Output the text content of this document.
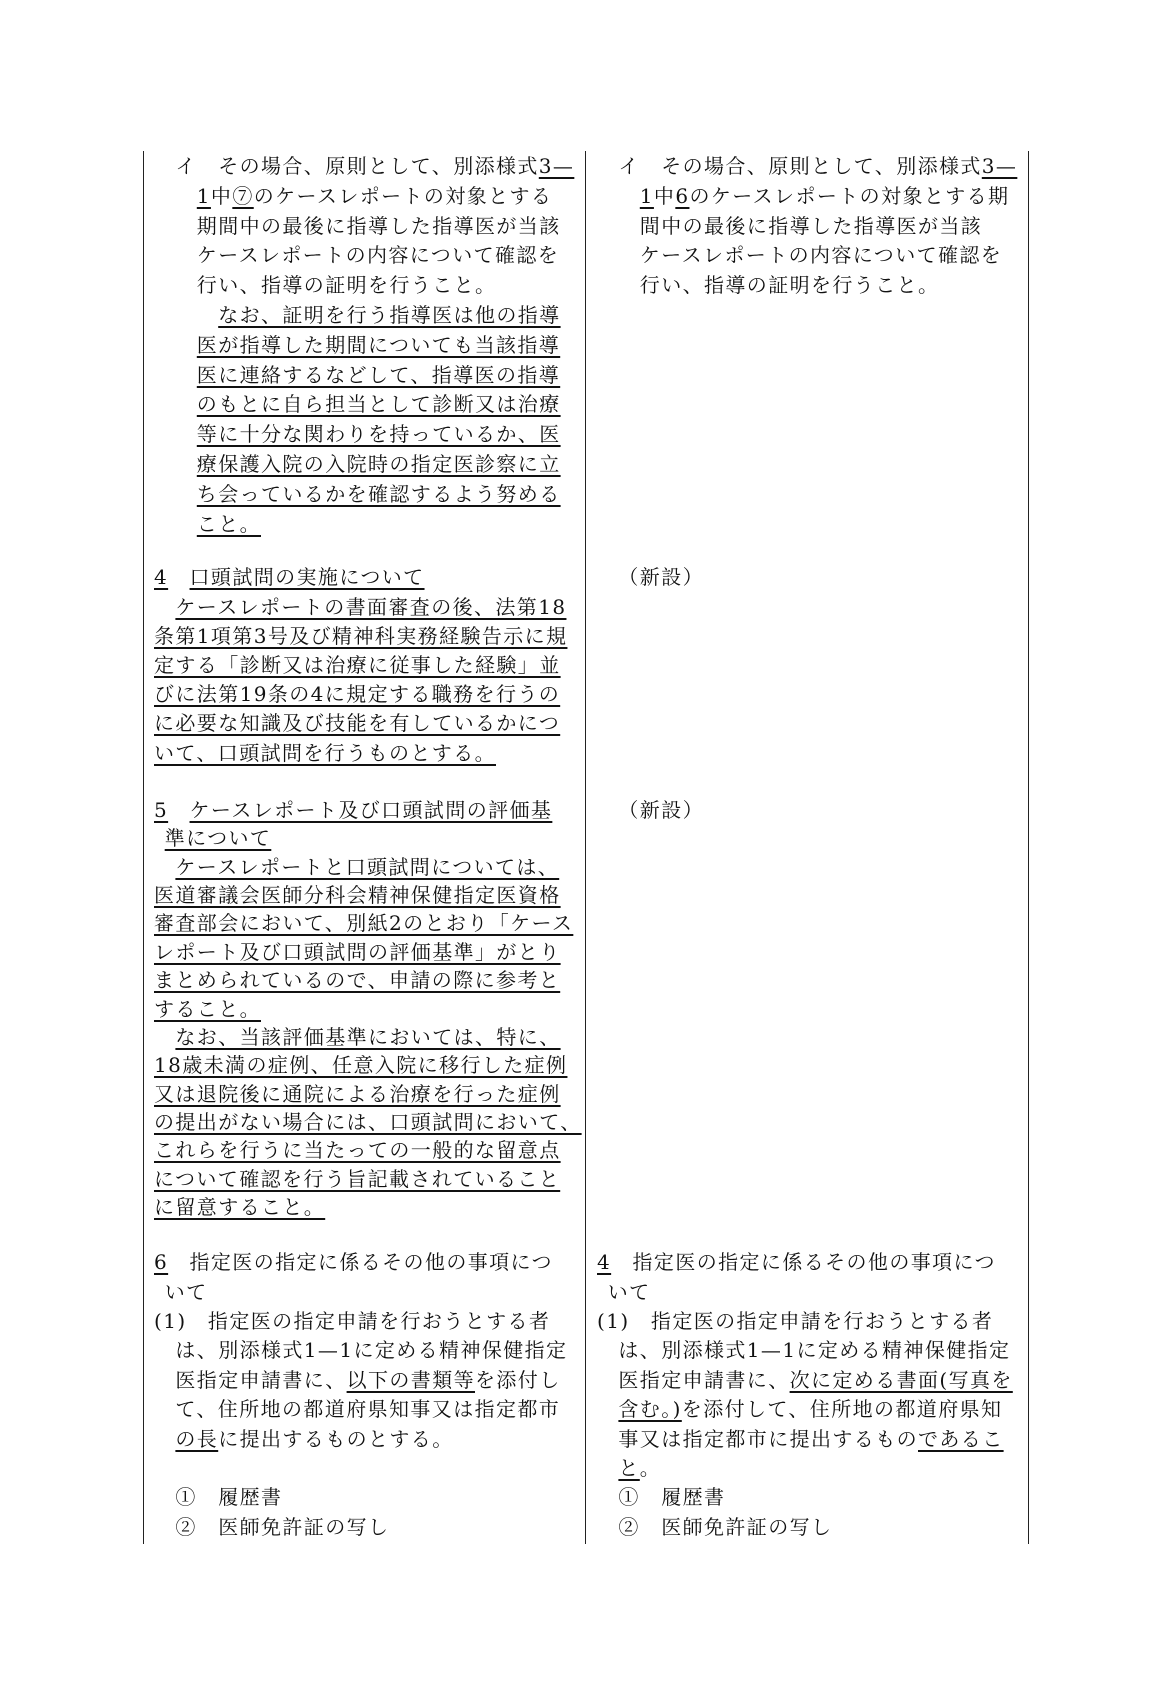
イ　その場合、原則として、別添様式3—
1中⑦のケースレポートの対象とする
期間中の最後に指導した指導医が当該
ケースレポートの内容について確認を
行い、指導の証明を行うこと。
なお、証明を行う指導医は他の指導
医が指導した期間についても当該指導
医に連絡するなどして、指導医の指導
のもとに自ら担当として診断又は治療
等に十分な関わりを持っているか、医
療保護入院の入院時の指定医診察に立
ち会っているかを確認するよう努める
こと。
4　 口頭試問の実施について
ケースレポートの書面審査の後、法第18
条第1項第3号及び精神科実務経験告示に規
定する「診断又は治療に従事した経験」並
びに法第19条の4に規定する職務を行うの
に必要な知識及び技能を有しているかにつ
いて、口頭試問を行うものとする。
5　 ケースレポート及び口頭試問の評価基
準について
ケースレポートと口頭試問については、
医道審議会医師分科会精神保健指定医資格
審査部会において、別紙2のとおり「ケース
レポート及び口頭試問の評価基準」がとり
まとめられているので、申請の際に参考と
すること。
なお、当該評価基準においては、特に、
18歳未満の症例、任意入院に移行した症例
又は退院後に通院による治療を行った症例
の提出がない場合には、口頭試問において、
これらを行うに当たっての一般的な留意点
について確認を行う旨記載されていること
に留意すること。
6　指定医の指定に係るその他の事項につ
いて
(1)　指定医の指定申請を行おうとする者
は、別添様式1—1に定める精神保健指定
医指定申請書に、以下の書類等を添付し
て、住所地の都道府県知事又は指定都市
の長に提出するものとする。
①　履歴書
②　医師免許証の写し
イ　その場合、原則として、別添様式3—
1中6のケースレポートの対象とする期
間中の最後に指導した指導医が当該
ケースレポートの内容について確認を
行い、指導の証明を行うこと。
（新設）
（新設）
4　指定医の指定に係るその他の事項につ
いて
(1)　指定医の指定申請を行おうとする者
は、別添様式1—1に定める精神保健指定
医指定申請書に、次に定める書面(写真を
含む。)を添付して、住所地の都道府県知
事又は指定都市に提出するものであるこ
と。
①　履歴書
②　医師免許証の写し
